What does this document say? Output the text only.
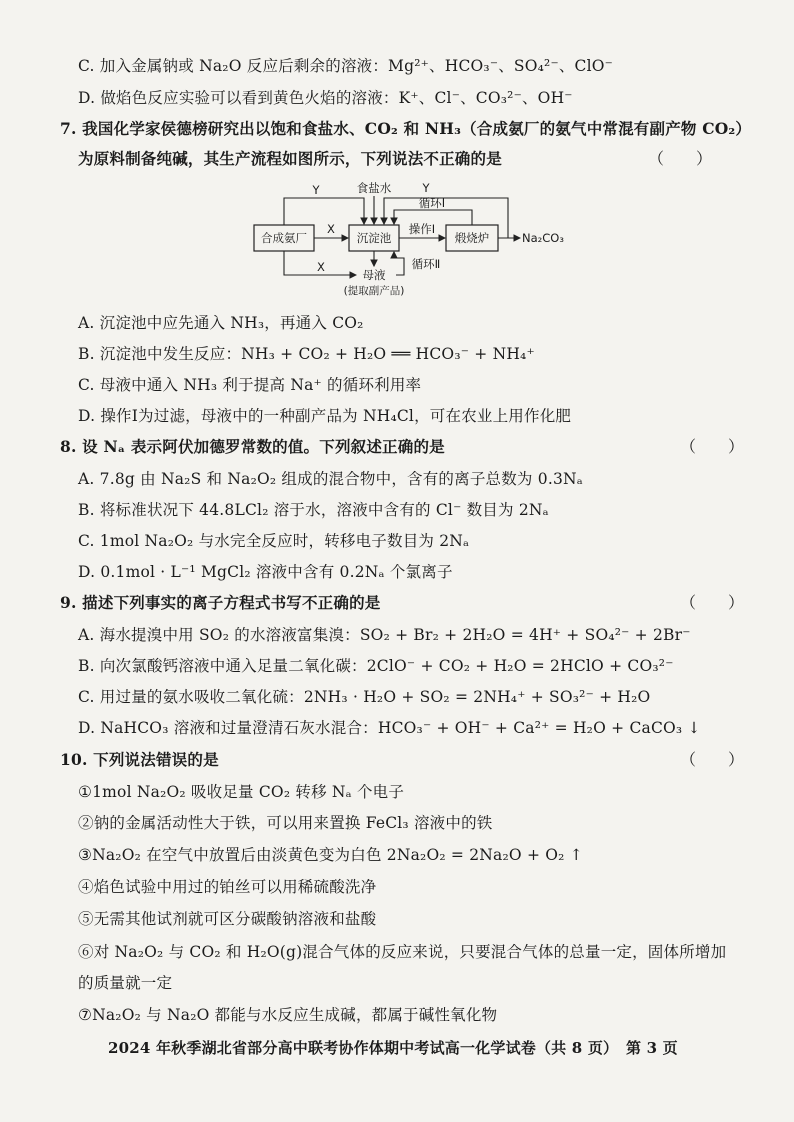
C. 加入金属钠或 Na₂O 反应后剩余的溶液：Mg²⁺、HCO₃⁻、SO₄²⁻、ClO⁻
D. 做焰色反应实验可以看到黄色火焰的溶液：K⁺、Cl⁻、CO₃²⁻、OH⁻
7. 我国化学家侯德榜研究出以饱和食盐水、CO₂ 和 NH₃（合成氨厂的氨气中常混有副产物 CO₂）
为原料制备纯碱，其生产流程如图所示，下列说法不正确的是	（　　）
合成氨厂	沉淀池	煅烧炉
食盐水
Y	Y
循环Ⅰ
X	操作Ⅰ
Na₂CO₃
X
母液
(提取副产品)
循环Ⅱ
A. 沉淀池中应先通入 NH₃，再通入 CO₂
B. 沉淀池中发生反应：NH₃ + CO₂ + H₂O ══ HCO₃⁻ + NH₄⁺
C. 母液中通入 NH₃ 利于提高 Na⁺ 的循环利用率
D. 操作Ⅰ为过滤，母液中的一种副产品为 NH₄Cl，可在农业上用作化肥
8. 设 Nₐ 表示阿伏加德罗常数的值。下列叙述正确的是	（　　）
A. 7.8g 由 Na₂S 和 Na₂O₂ 组成的混合物中，含有的离子总数为 0.3Nₐ
B. 将标准状况下 44.8LCl₂ 溶于水，溶液中含有的 Cl⁻ 数目为 2Nₐ
C. 1mol Na₂O₂ 与水完全反应时，转移电子数目为 2Nₐ
D. 0.1mol · L⁻¹ MgCl₂ 溶液中含有 0.2Nₐ 个氯离子
9. 描述下列事实的离子方程式书写不正确的是	（　　）
A. 海水提溴中用 SO₂ 的水溶液富集溴：SO₂ + Br₂ + 2H₂O = 4H⁺ + SO₄²⁻ + 2Br⁻
B. 向次氯酸钙溶液中通入足量二氧化碳：2ClO⁻ + CO₂ + H₂O = 2HClO + CO₃²⁻
C. 用过量的氨水吸收二氧化硫：2NH₃ · H₂O + SO₂ = 2NH₄⁺ + SO₃²⁻ + H₂O
D. NaHCO₃ 溶液和过量澄清石灰水混合：HCO₃⁻ + OH⁻ + Ca²⁺ = H₂O + CaCO₃ ↓
10. 下列说法错误的是	（　　）
①1mol Na₂O₂ 吸收足量 CO₂ 转移 Nₐ 个电子
②钠的金属活动性大于铁，可以用来置换 FeCl₃ 溶液中的铁
③Na₂O₂ 在空气中放置后由淡黄色变为白色 2Na₂O₂ = 2Na₂O + O₂ ↑
④焰色试验中用过的铂丝可以用稀硫酸洗净
⑤无需其他试剂就可区分碳酸钠溶液和盐酸
⑥对 Na₂O₂ 与 CO₂ 和 H₂O(g)混合气体的反应来说，只要混合气体的总量一定，固体所增加
的质量就一定
⑦Na₂O₂ 与 Na₂O 都能与水反应生成碱，都属于碱性氧化物
2024 年秋季湖北省部分高中联考协作体期中考试高一化学试卷（共 8 页）　第 3 页
